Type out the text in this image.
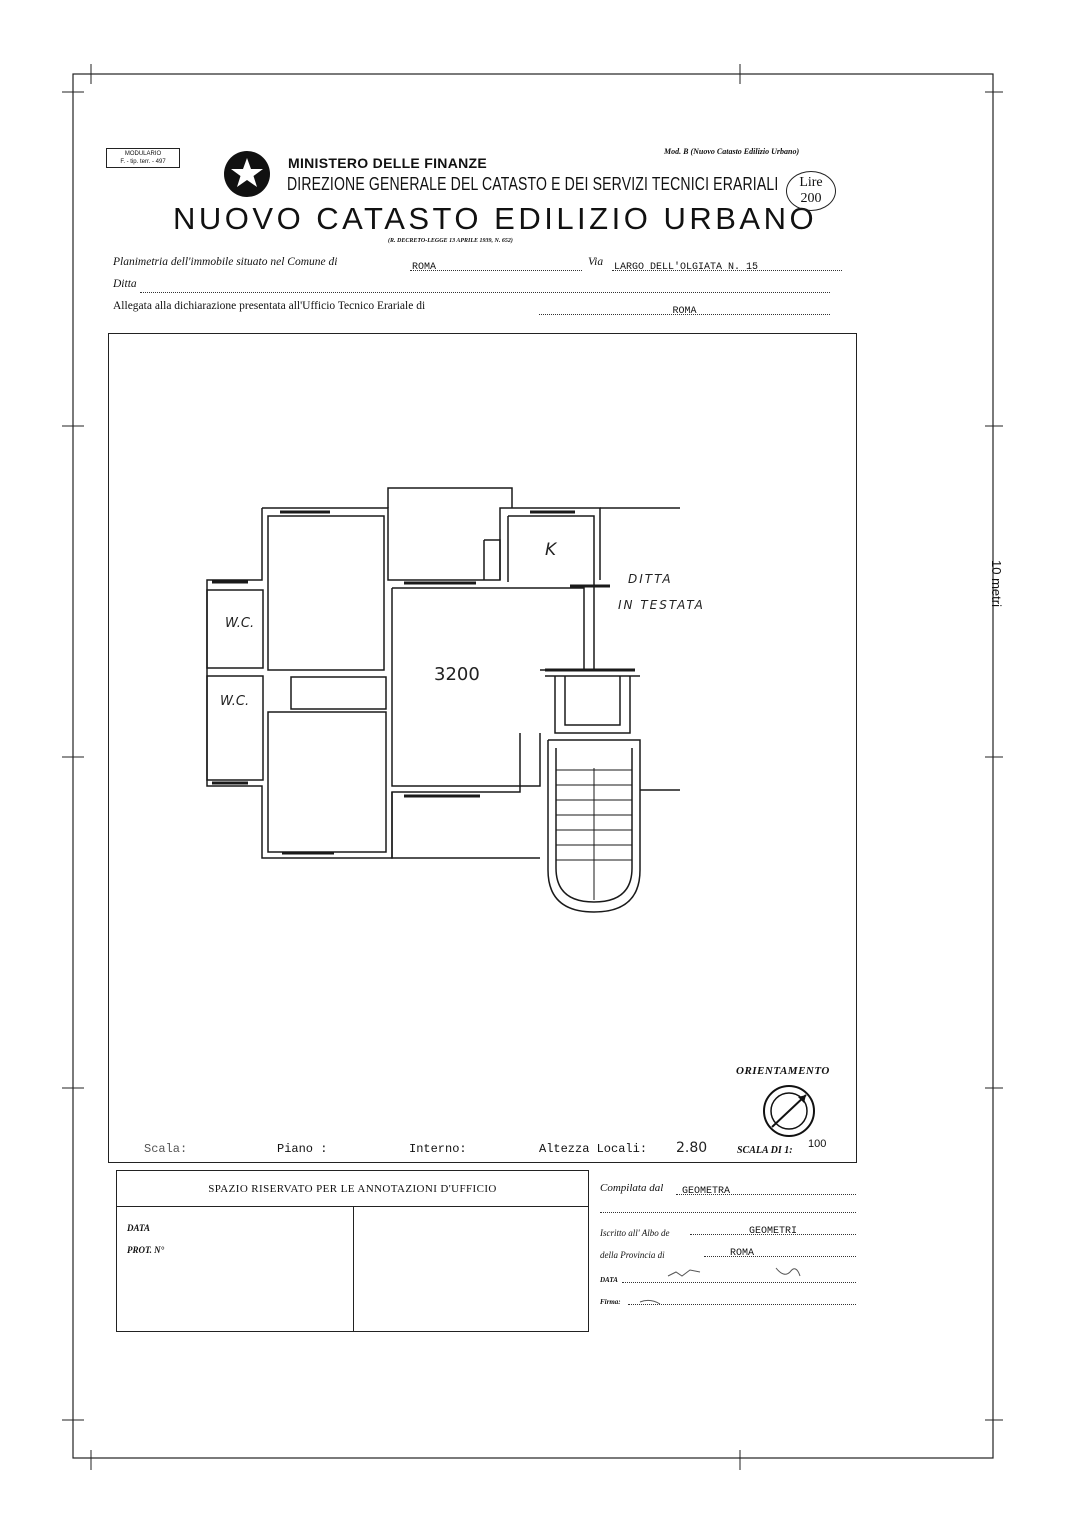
10 metri
MODULARIO
F. - tip. terr. - 497	MINISTERO DELLE FINANZE
DIREZIONE GENERALE DEL CATASTO E DEI SERVIZI TECNICI ERARIALI
NUOVO CATASTO EDILIZIO URBANO
(R. DECRETO-LEGGE 13 APRILE 1939, N. 652)
Mod. B (Nuovo Catasto Edilizio Urbano)
Lire
200
Planimetria dell'immobile situato nel Comune di	ROMA	Via LARGO DELL'OLGIATA N. 15
Ditta
Allegata alla dichiarazione presentata all'Ufficio Tecnico Erariale di	ROMA
W.C.
W.C.
K
DITTA
IN TESTATA
3200
ORIENTAMENTO
Scala:	Piano :	Interno:	Altezza Locali: 2.80	SCALA DI 1:
100
SPAZIO RISERVATO PER LE ANNOTAZIONI D'UFFICIO
DATA
PROT. N°
Compilata dal	GEOMETRA
Iscritto all' Albo de	GEOMETRI
della Provincia di	ROMA
DATA
Firma:
